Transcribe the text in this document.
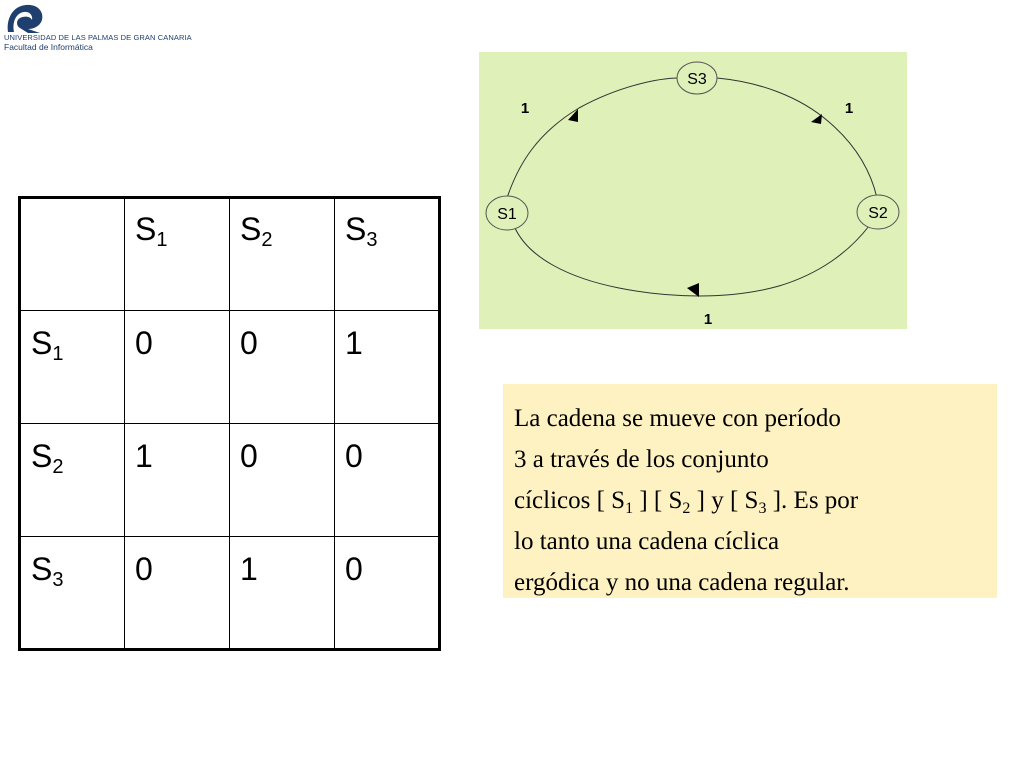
UNIVERSIDAD DE LAS PALMAS DE GRAN CANARIA
Facultad de Informática
	$S_1$	$S_2$	$S_3$
$S_1$	0	0	1
$S_2$	1	0	0
$S_3$	0	1	0
S3
S1	S2
1	1
1
La cadena se mueve con período
3 a través de los conjunto
cíclicos [ $S_1$ ] [ $S_2$ ] y [ $S_3$ ]. Es por
lo tanto una cadena cíclica
ergódica y no una cadena regular.
